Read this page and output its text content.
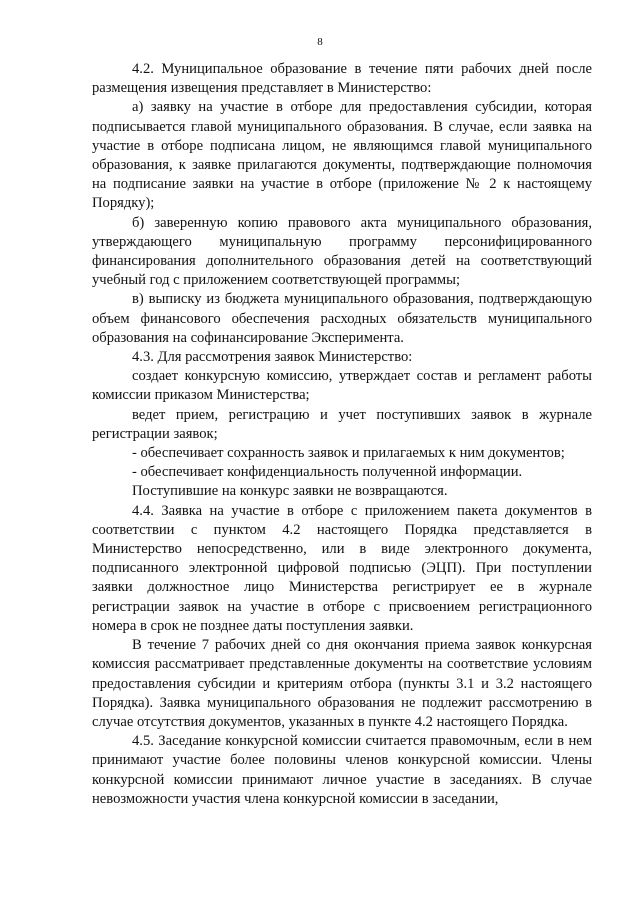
8

4.2. Муниципальное образование в течение пяти рабочих дней после размещения извещения представляет в Министерство:

а) заявку на участие в отборе для предоставления субсидии, которая подписывается главой муниципального образования. В случае, если заявка на участие в отборе подписана лицом, не являющимся главой муниципального образования, к заявке прилагаются документы, подтверждающие полномочия на подписание заявки на участие в отборе (приложение № 2 к настоящему Порядку);

б) заверенную копию правового акта муниципального образования, утверждающего муниципальную программу персонифицированного финансирования дополнительного образования детей на соответствующий учебный год с приложением соответствующей программы;

в) выписку из бюджета муниципального образования, подтверждающую объем финансового обеспечения расходных обязательств муниципального образования на софинансирование Эксперимента.

4.3. Для рассмотрения заявок Министерство:

создает конкурсную комиссию, утверждает состав и регламент работы комиссии приказом Министерства;

ведет прием, регистрацию и учет поступивших заявок в журнале регистрации заявок;

- обеспечивает сохранность заявок и прилагаемых к ним документов;

- обеспечивает конфиденциальность полученной информации.

Поступившие на конкурс заявки не возвращаются.

4.4. Заявка на участие в отборе с приложением пакета документов в соответствии с пунктом 4.2 настоящего Порядка представляется в Министерство непосредственно, или в виде электронного документа, подписанного электронной цифровой подписью (ЭЦП). При поступлении заявки должностное лицо Министерства регистрирует ее в журнале регистрации заявок на участие в отборе с присвоением регистрационного номера в срок не позднее даты поступления заявки.

В течение 7 рабочих дней со дня окончания приема заявок конкурсная комиссия рассматривает представленные документы на соответствие условиям предоставления субсидии и критериям отбора (пункты 3.1 и 3.2 настоящего Порядка). Заявка муниципального образования не подлежит рассмотрению в случае отсутствия документов, указанных в пункте 4.2 настоящего Порядка.

4.5. Заседание конкурсной комиссии считается правомочным, если в нем принимают участие более половины членов конкурсной комиссии. Члены конкурсной комиссии принимают личное участие в заседаниях. В случае невозможности участия члена конкурсной комиссии в заседании,
